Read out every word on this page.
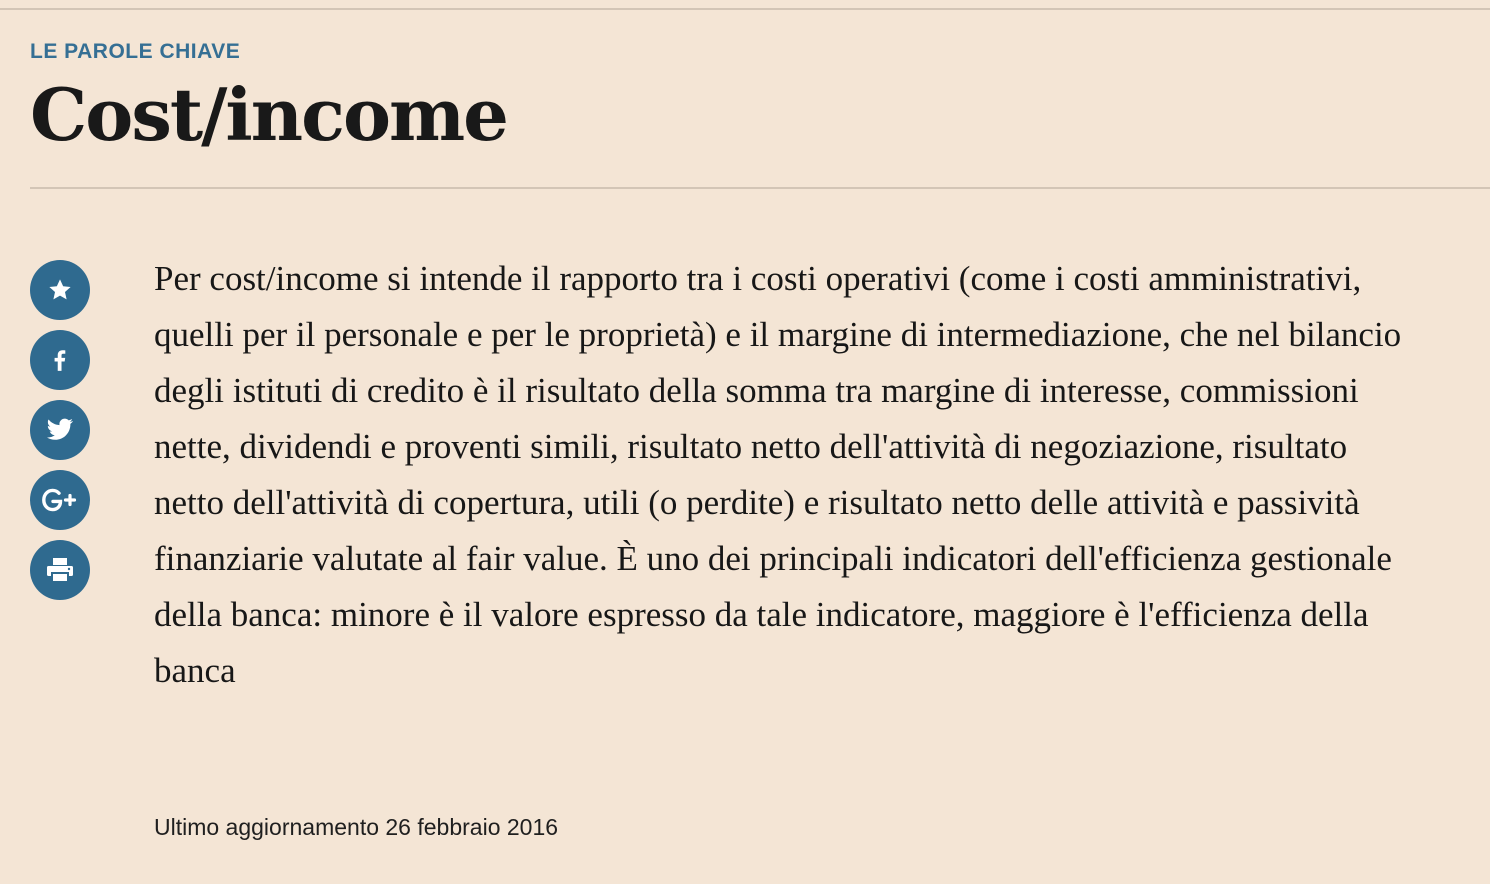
LE PAROLE CHIAVE
Cost/income

Per cost/income si intende il rapporto tra i costi operativi (come i costi amministrativi, quelli per il personale e per le proprietà) e il margine di intermediazione, che nel bilancio degli istituti di credito è il risultato della somma tra margine di interesse, commissioni nette, dividendi e proventi simili, risultato netto dell'attività di negoziazione, risultato netto dell'attività di copertura, utili (o perdite) e risultato netto delle attività e passività finanziarie valutate al fair value. È uno dei principali indicatori dell'efficienza gestionale della banca: minore è il valore espresso da tale indicatore, maggiore è l'efficienza della banca

Ultimo aggiornamento 26 febbraio 2016
